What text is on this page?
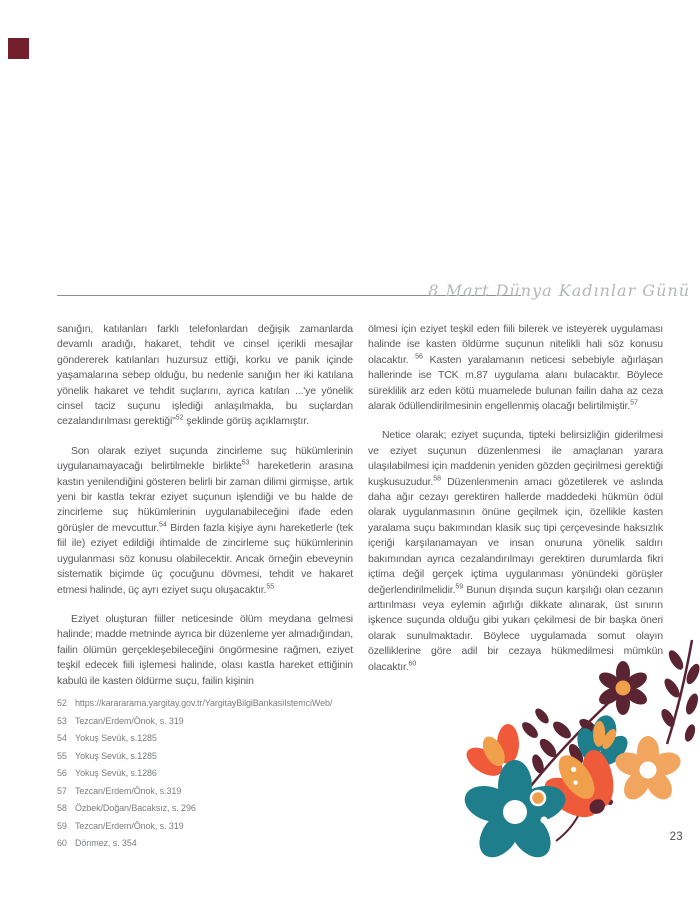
8 Mart Dünya Kadınlar Günü

sanığın, katılanları farklı telefonlardan değişik zamanlarda devamlı aradığı, hakaret, tehdit ve cinsel içerikli mesajlar göndererek katılanları huzursuz ettiği, korku ve panik içinde yaşamalarına sebep olduğu, bu nedenle sanığın her iki katılana yönelik hakaret ve tehdit suçlarını, ayrıca katılan ...'ye yönelik cinsel taciz suçunu işlediği anlaşılmakla, bu suçlardan cezalandırılması gerektiği"$^{52}$ şeklinde görüş açıklamıştır.

Son olarak eziyet suçunda zincirleme suç hükümlerinin uygulanamayacağı belirtilmekle birlikte$^{53}$ hareketlerin arasına kastın yenilendiğini gösteren belirli bir zaman dilimi girmişse, artık yeni bir kastla tekrar eziyet suçunun işlendiği ve bu halde de zincirleme suç hükümlerinin uygulanabileceğini ifade eden görüşler de mevcuttur.$^{54}$ Birden fazla kişiye aynı hareketlerle (tek fiil ile) eziyet edildiği ihtimalde de zincirleme suç hükümlerinin uygulanması söz konusu olabilecektir. Ancak örneğin ebeveynin sistematik biçimde üç çocuğunu dövmesi, tehdit ve hakaret etmesi halinde, üç ayrı eziyet suçu oluşacaktır.$^{55}$

Eziyet oluşturan fiiller neticesinde ölüm meydana gelmesi halinde; madde metninde ayrıca bir düzenleme yer almadığından, failin ölümün gerçekleşebileceğini öngörmesine rağmen, eziyet teşkil edecek fiili işlemesi halinde, olası kastla hareket ettiğinin kabulü ile kasten öldürme suçu, failin kişinin

ölmesi için eziyet teşkil eden fiili bilerek ve isteyerek uygulaması halinde ise kasten öldürme suçunun nitelikli hali söz konusu olacaktır. $^{56}$ Kasten yaralamanın neticesi sebebiyle ağırlaşan hallerinde ise TCK m.87 uygulama alanı bulacaktır. Böylece süreklilik arz eden kötü muamelede bulunan failin daha az ceza alarak ödüllendirilmesinin engellenmiş olacağı belirtilmiştir.$^{57}$

Netice olarak; eziyet suçunda, tipteki belirsizliğin giderilmesi ve eziyet suçunun düzenlenmesi ile amaçlanan yarara ulaşılabilmesi için maddenin yeniden gözden geçirilmesi gerektiği kuşkusuzudur.$^{58}$ Düzenlenmenin amacı gözetilerek ve aslında daha ağır cezayı gerektiren hallerde maddedeki hükmün ödül olarak uygulanmasının önüne geçilmek için, özellikle kasten yaralama suçu bakımından klasik suç tipi çerçevesinde haksızlık içeriği karşılanamayan ve insan onuruna yönelik saldırı bakımından ayrıca cezalandırılmayı gerektiren durumlarda fikri içtima değil gerçek içtima uygulanması yönündeki görüşler değerlendirilmelidir.$^{59}$ Bunun dışında suçun karşılığı olan cezanın arttırılması veya eylemin ağırlığı dikkate alınarak, üst sınırın işkence suçunda olduğu gibi yukarı çekilmesi de bir başka öneri olarak sunulmaktadır. Böylece uygulamada somut olayın özelliklerine göre adil bir cezaya hükmedilmesi mümkün olacaktır.$^{60}$

52 https://karararama.yargitay.gov.tr/YargitayBilgiBankasiIstemciWeb/
53 Tezcan/Erdem/Önok, s. 319
54 Yokuş Sevük, s.1285
55 Yokuş Sevük, s.1285
56 Yokuş Sevük, s.1286
57 Tezcan/Erdem/Önok, s.319
58 Özbek/Doğan/Bacaksız, s. 296
59 Tezcan/Erdem/Önok, s. 319
60 Dönmez, s. 354	23
